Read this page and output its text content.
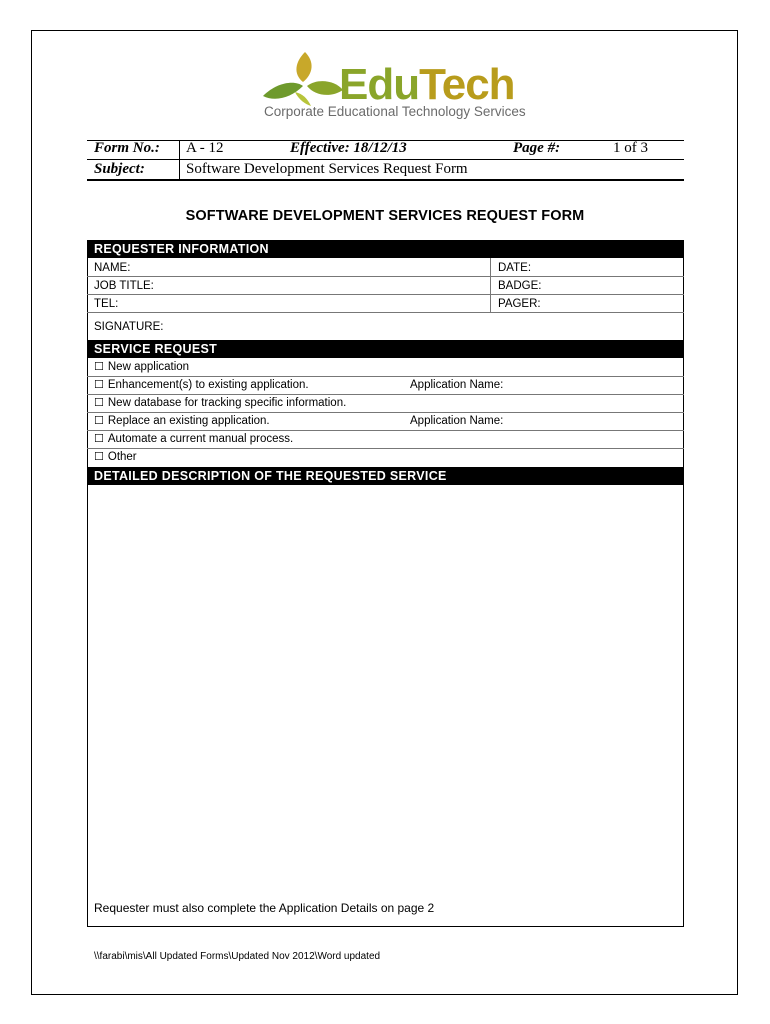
EduTech
Corporate Educational Technology Services
Form No.: A - 12	Effective: 18/12/13	Page #:	1 of 3
Subject:	Software Development Services Request Form
SOFTWARE DEVELOPMENT SERVICES REQUEST FORM
REQUESTER INFORMATION
NAME:	DATE:
JOB TITLE:	BADGE:
TEL:	PAGER:
SIGNATURE:
SERVICE REQUEST
☐ New application
☐ Enhancement(s) to existing application.	Application Name:
☐ New database for tracking specific information.
☐ Replace an existing application.	Application Name:
☐ Automate a current manual process.
☐ Other
DETAILED DESCRIPTION OF THE REQUESTED SERVICE
Requester must also complete the Application Details on page 2
\\farabi\mis\All Updated Forms\Updated Nov 2012\Word updated
